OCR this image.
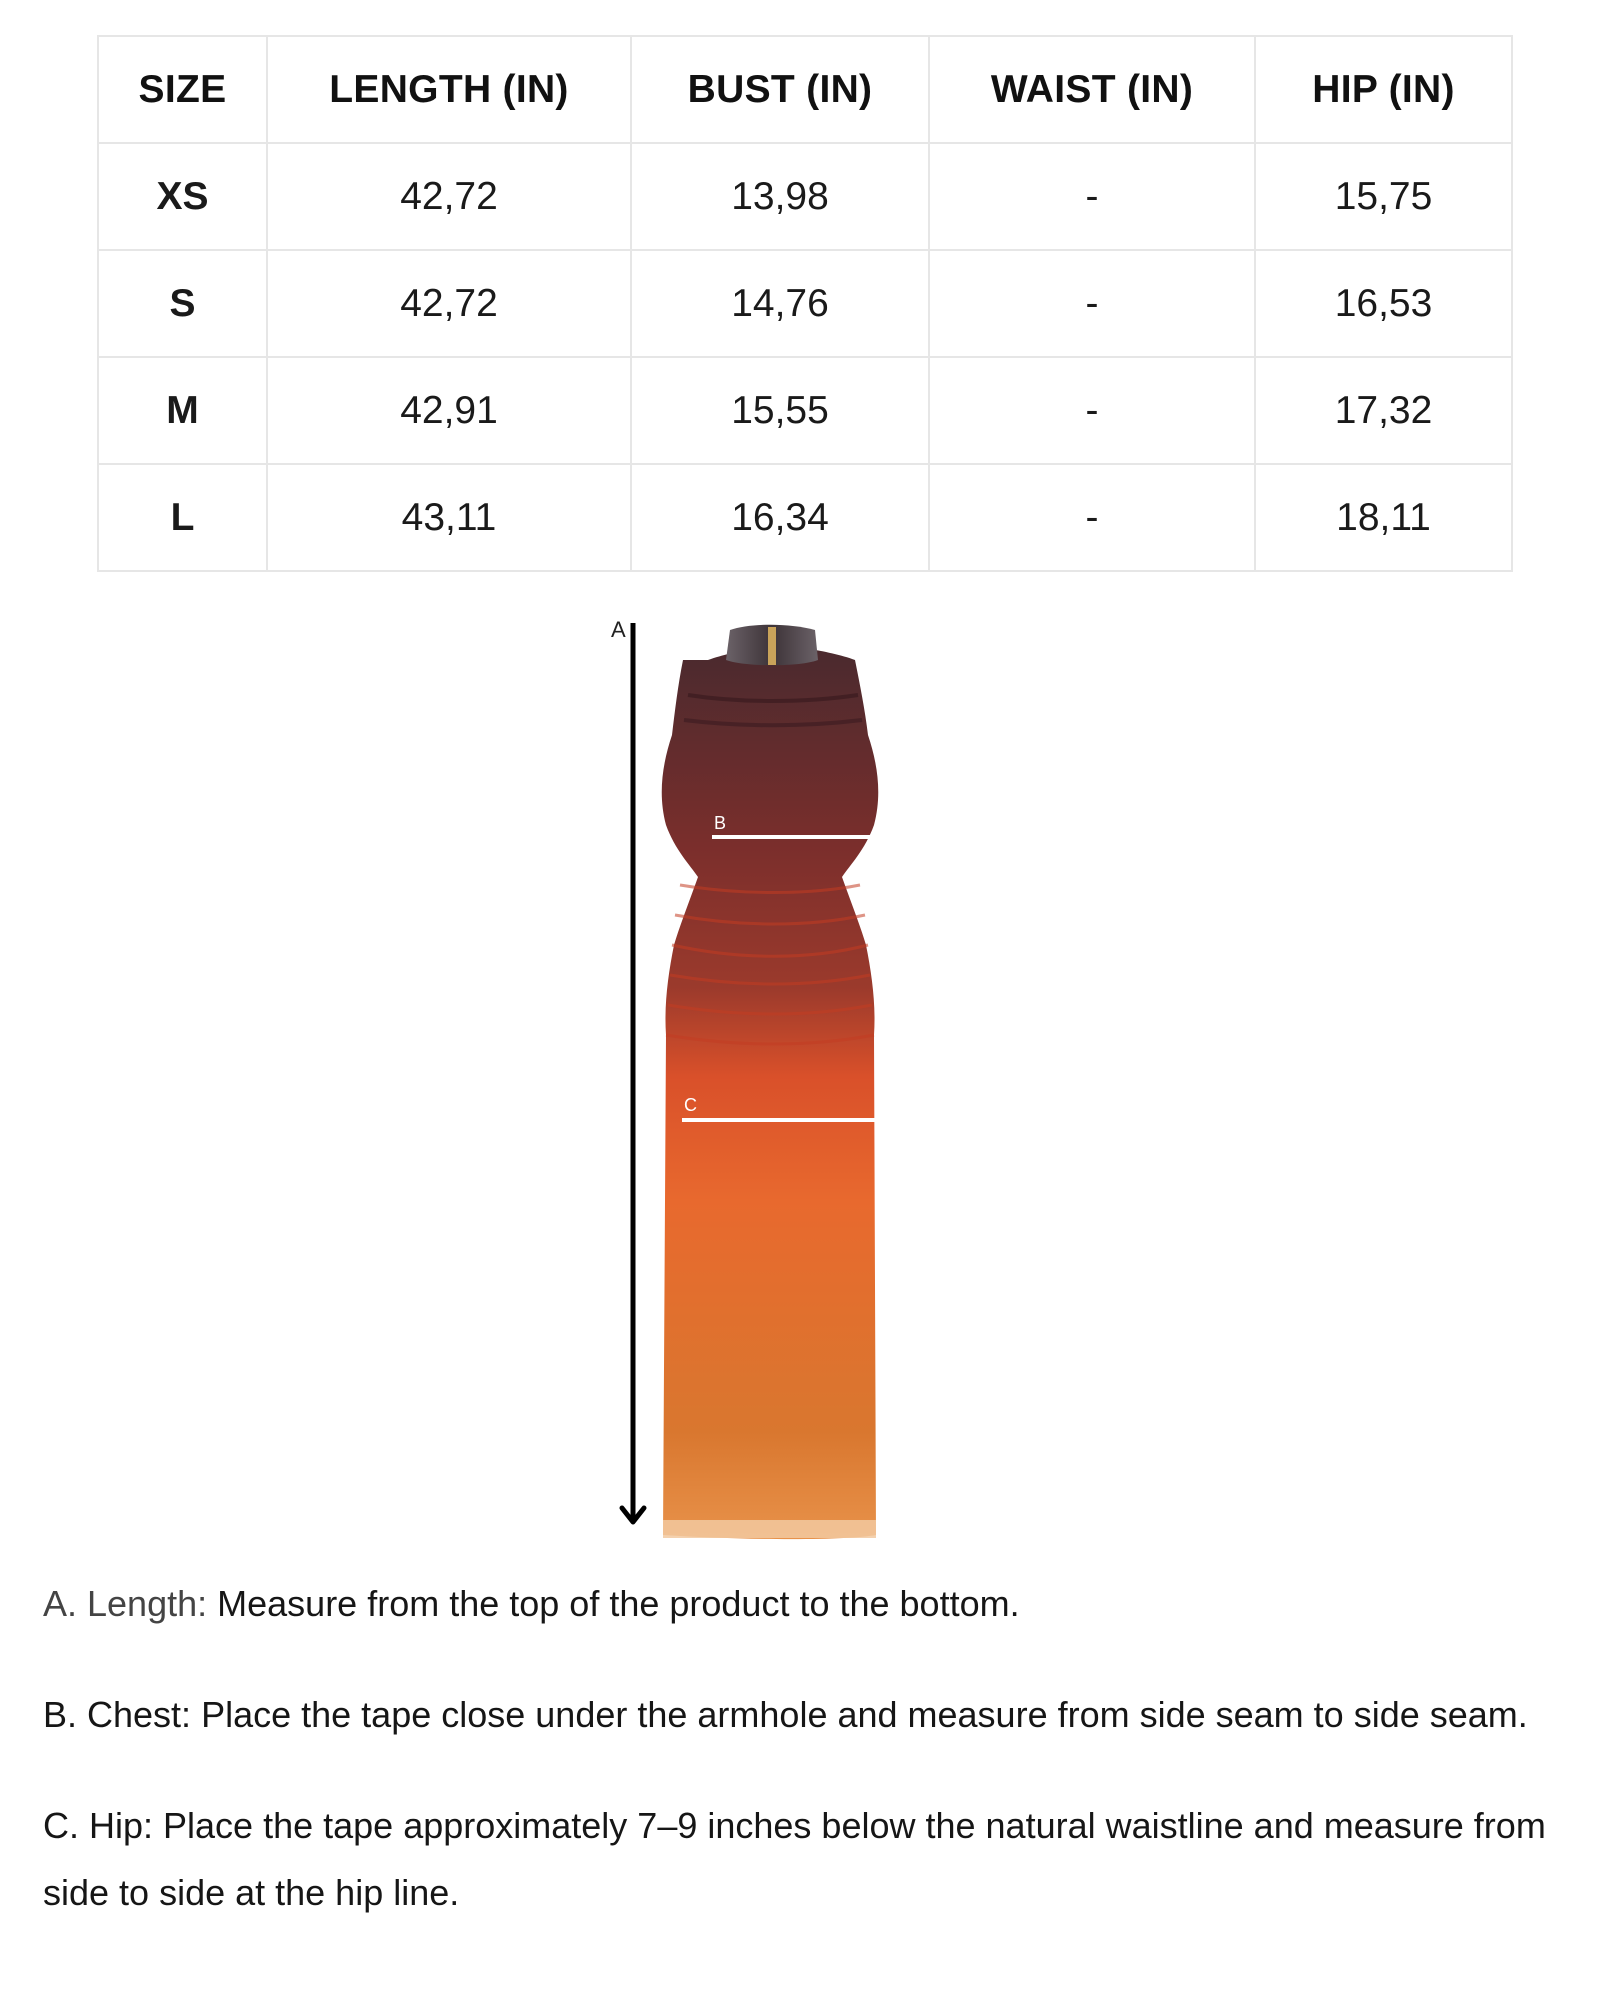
SIZE	LENGTH (IN)	BUST (IN)	WAIST (IN)	HIP (IN)
XS	42,72	13,98	-	15,75
S	42,72	14,76	-	16,53
M	42,91	15,55	-	17,32
L	43,11	16,34	-	18,11
A
B
C

A. Length: Measure from the top of the product to the bottom.

B. Chest: Place the tape close under the armhole and measure from side seam to side seam.

C. Hip: Place the tape approximately 7–9 inches below the natural waistline and measure from side to side at the hip line.
